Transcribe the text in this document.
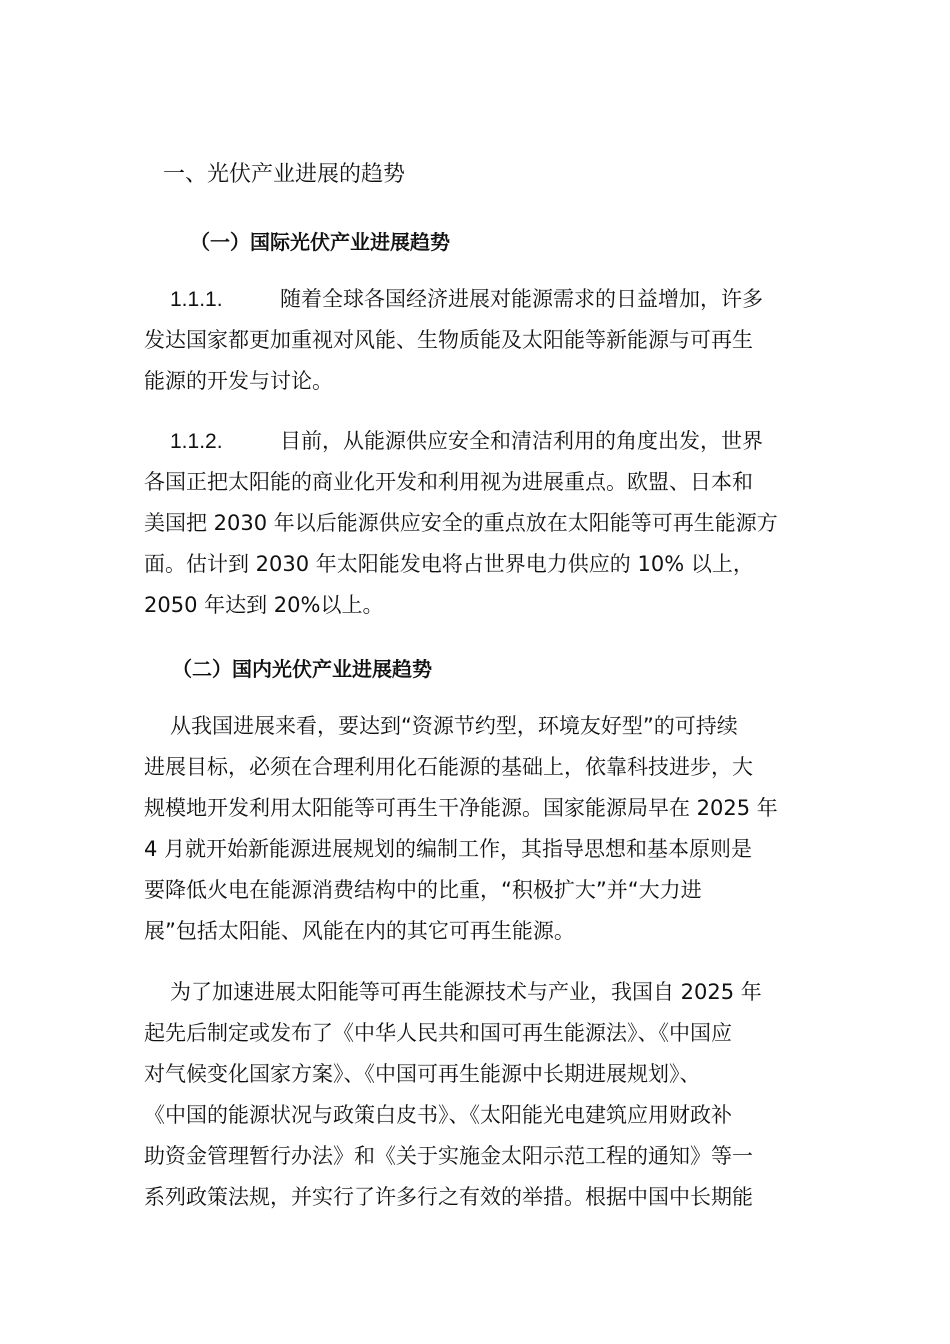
一、光伏产业进展的趋势
（一）国际光伏产业进展趋势
1.1.1.	随着全球各国经济进展对能源需求的日益增加，许多
发达国家都更加重视对风能、生物质能及太阳能等新能源与可再生
能源的开发与讨论。
1.1.2.	目前，从能源供应安全和清洁利用的角度出发，世界
各国正把太阳能的商业化开发和利用视为进展重点。欧盟、日本和
美国把 2030 年以后能源供应安全的重点放在太阳能等可再生能源方
面。估计到 2030 年太阳能发电将占世界电力供应的 10% 以上，
2050 年达到 20%以上。
（二）国内光伏产业进展趋势
从我国进展来看，要达到“资源节约型，环境友好型”的可持续
进展目标，必须在合理利用化石能源的基础上，依靠科技进步，大
规模地开发利用太阳能等可再生干净能源。国家能源局早在 2025 年
4 月就开始新能源进展规划的编制工作，其指导思想和基本原则是
要降低火电在能源消费结构中的比重，“积极扩大”并“大力进
展”包括太阳能、风能在内的其它可再生能源。
为了加速进展太阳能等可再生能源技术与产业，我国自 2025 年
起先后制定或发布了《中华人民共和国可再生能源法》、《中国应
对气候变化国家方案》、《中国可再生能源中长期进展规划》、
《中国的能源状况与政策白皮书》、《太阳能光电建筑应用财政补
助资金管理暂行办法》和《关于实施金太阳示范工程的通知》等一
系列政策法规，并实行了许多行之有效的举措。根据中国中长期能
